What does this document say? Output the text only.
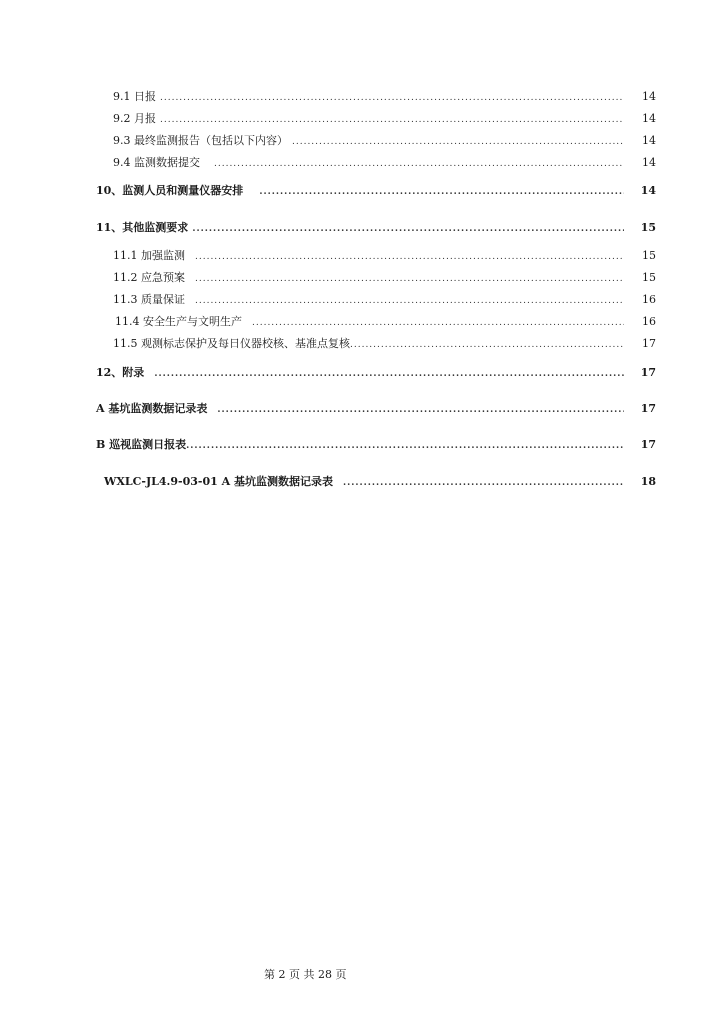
9.1 日报 .....	14
9.2 月报 .....	14
9.3 最终监测报告（包括以下内容） .....	14
9.4 监测数据提交 .....	14
10、监测人员和测量仪器安排 .....	14
11、其他监测要求 .....	15
11.1 加强监测 .....	15
11.2 应急预案 .....	15
11.3 质量保证 .....	16
11.4 安全生产与文明生产 .....	16
11.5 观测标志保护及每日仪器校核、基准点复核 .....	17
12、附录 .....	17
A 基坑监测数据记录表 .....	17
B 巡视监测日报表 .....	17
WXLC-JL4.9-03-01 A 基坑监测数据记录表 .....	18
第 2 页 共 28 页
